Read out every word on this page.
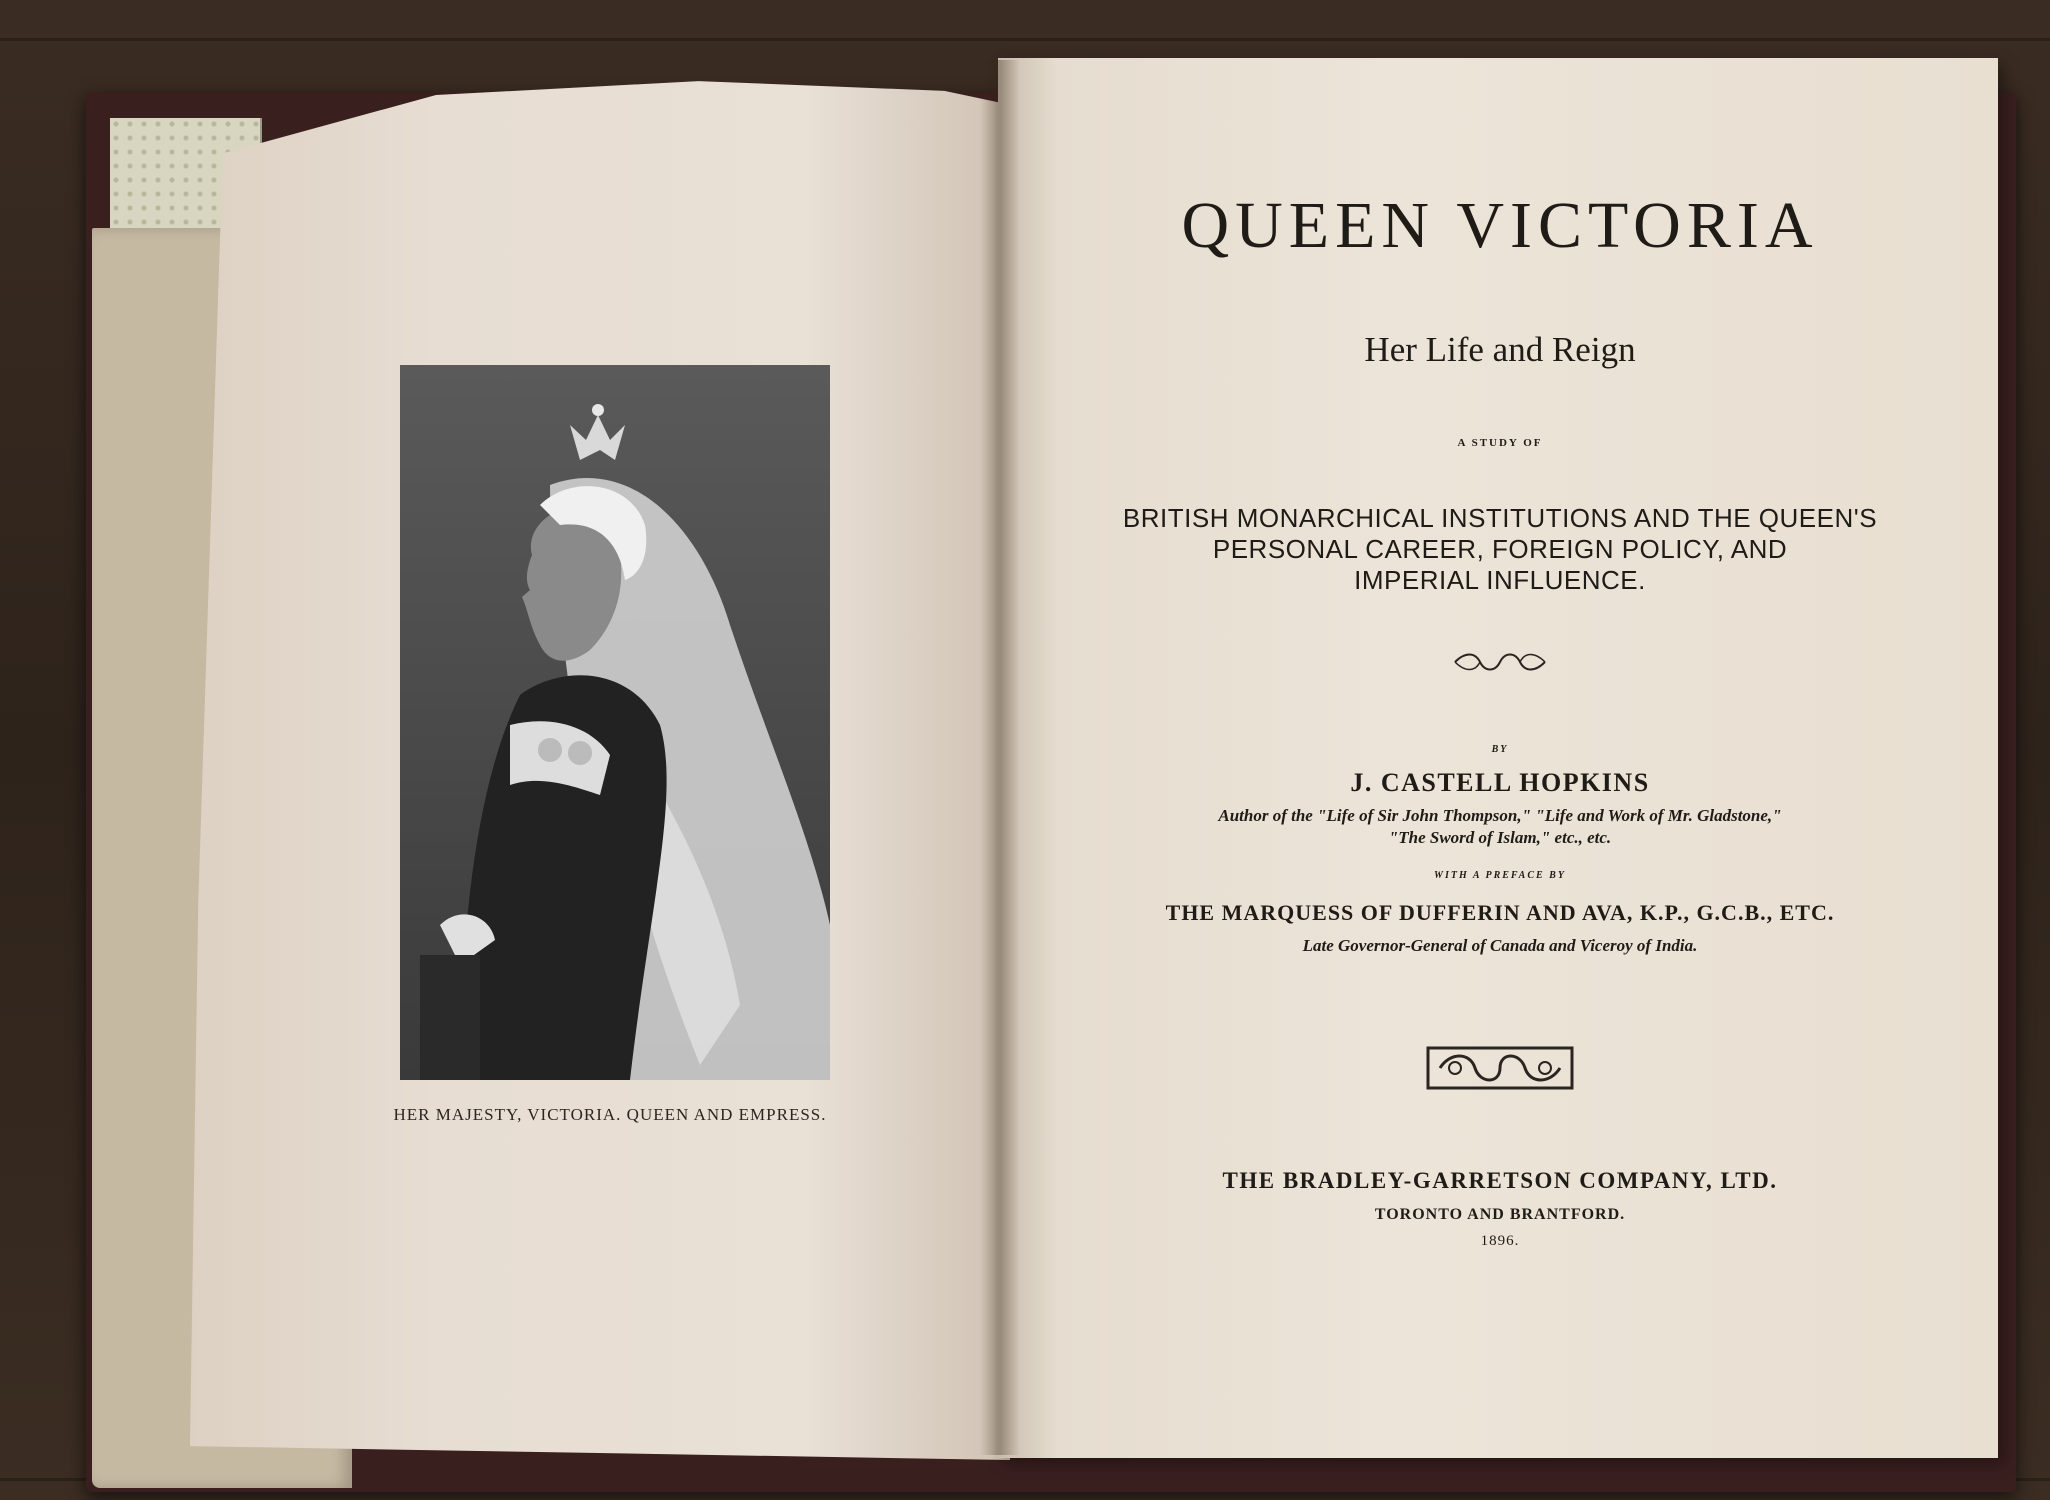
HER MAJESTY, VICTORIA. QUEEN AND EMPRESS.
QUEEN VICTORIA
Her Life and Reign
A STUDY OF
BRITISH MONARCHICAL INSTITUTIONS AND THE QUEEN'S
PERSONAL CAREER, FOREIGN POLICY, AND
IMPERIAL INFLUENCE.
BY
J. CASTELL HOPKINS
Author of the "Life of Sir John Thompson," "Life and Work of Mr. Gladstone,"
"The Sword of Islam," etc., etc.
WITH A PREFACE BY
THE MARQUESS OF DUFFERIN AND AVA, K.P., G.C.B., ETC.
Late Governor-General of Canada and Viceroy of India.
THE BRADLEY-GARRETSON COMPANY, LTD.
TORONTO AND BRANTFORD.
1896.
